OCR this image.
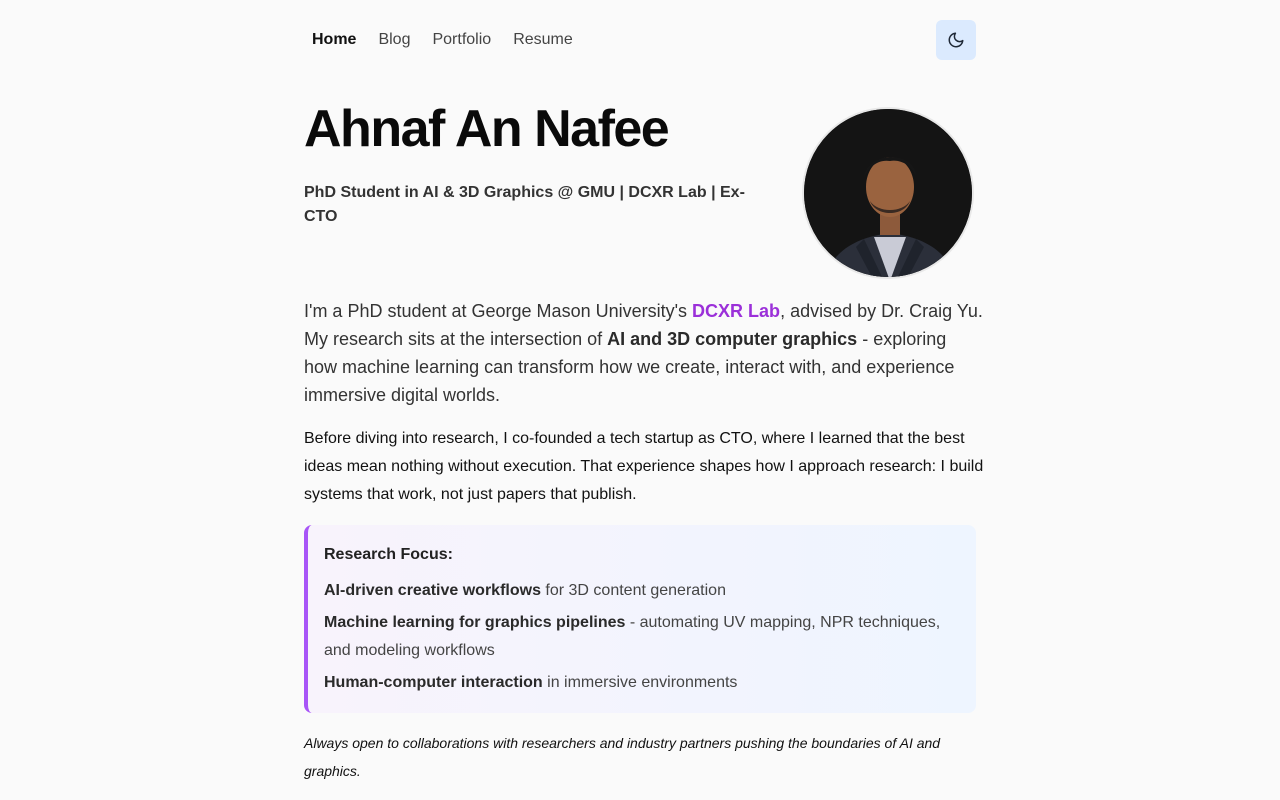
Home	Blog	Portfolio	Resume
Ahnaf An Nafee
PhD Student in AI & 3D Graphics @ GMU | DCXR Lab | Ex-CTO

I'm a PhD student at George Mason University's DCXR Lab, advised by Dr. Craig Yu. My research sits at the intersection of AI and 3D computer graphics - exploring how machine learning can transform how we create, interact with, and experience immersive digital worlds.

Before diving into research, I co-founded a tech startup as CTO, where I learned that the best ideas mean nothing without execution. That experience shapes how I approach research: I build systems that work, not just papers that publish.

Research Focus:
AI-driven creative workflows for 3D content generation
Machine learning for graphics pipelines - automating UV mapping, NPR techniques, and modeling workflows
Human-computer interaction in immersive environments

Always open to collaborations with researchers and industry partners pushing the boundaries of AI and graphics.
